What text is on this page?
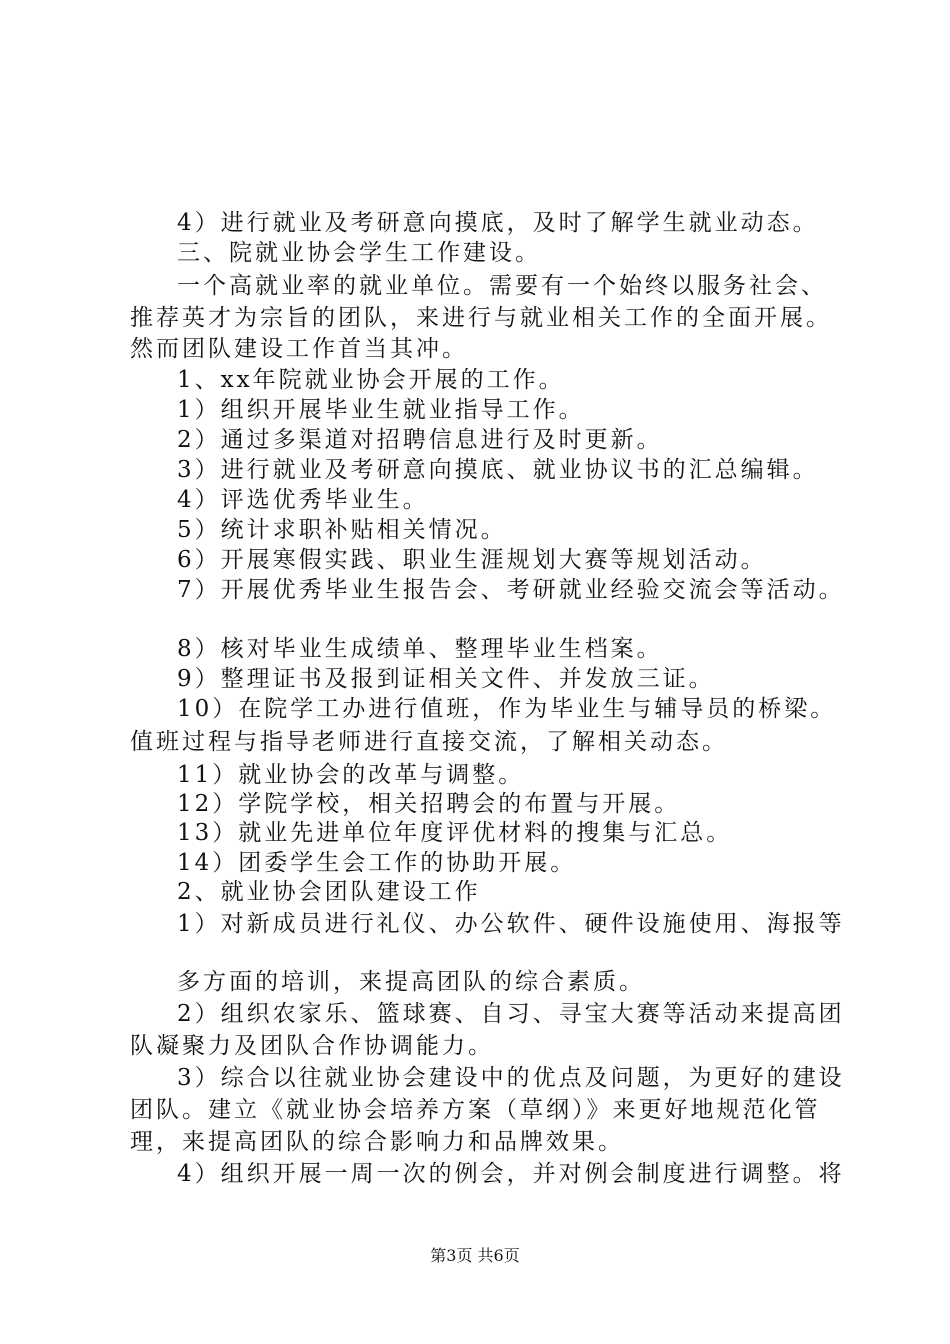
4）进行就业及考研意向摸底，及时了解学生就业动态。
三、院就业协会学生工作建设。
一个高就业率的就业单位。需要有一个始终以服务社会、
推荐英才为宗旨的团队，来进行与就业相关工作的全面开展。
然而团队建设工作首当其冲。
1、xx年院就业协会开展的工作。
1）组织开展毕业生就业指导工作。
2）通过多渠道对招聘信息进行及时更新。
3）进行就业及考研意向摸底、就业协议书的汇总编辑。
4）评选优秀毕业生。
5）统计求职补贴相关情况。
6）开展寒假实践、职业生涯规划大赛等规划活动。
7）开展优秀毕业生报告会、考研就业经验交流会等活动。
8）核对毕业生成绩单、整理毕业生档案。
9）整理证书及报到证相关文件、并发放三证。
10）在院学工办进行值班，作为毕业生与辅导员的桥梁。
值班过程与指导老师进行直接交流，了解相关动态。
11）就业协会的改革与调整。
12）学院学校，相关招聘会的布置与开展。
13）就业先进单位年度评优材料的搜集与汇总。
14）团委学生会工作的协助开展。
2、就业协会团队建设工作
1）对新成员进行礼仪、办公软件、硬件设施使用、海报等
多方面的培训，来提高团队的综合素质。
2）组织农家乐、篮球赛、自习、寻宝大赛等活动来提高团
队凝聚力及团队合作协调能力。
3）综合以往就业协会建设中的优点及问题，为更好的建设
团队。建立《就业协会培养方案（草纲）》来更好地规范化管
理，来提高团队的综合影响力和品牌效果。
4）组织开展一周一次的例会，并对例会制度进行调整。将
第3页 共6页
